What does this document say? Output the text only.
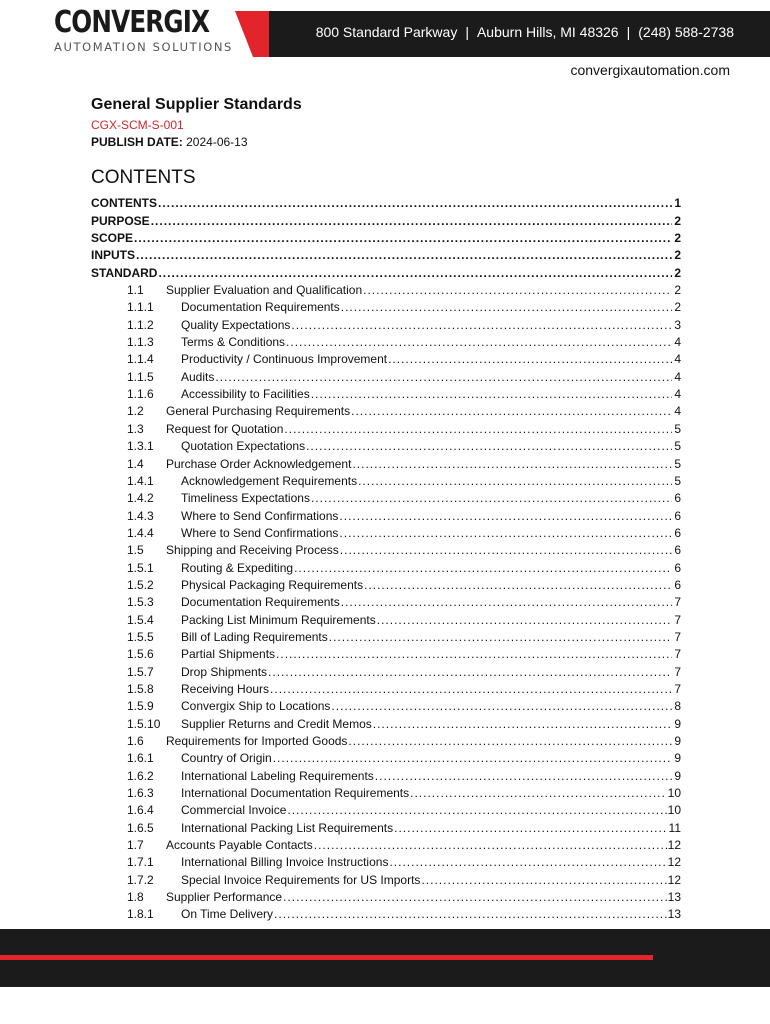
CONVERGIX
AUTOMATION SOLUTIONS
800 Standard Parkway | Auburn Hills, MI 48326 | (248) 588-2738
convergixautomation.com
General Supplier Standards
CGX-SCM-S-001
PUBLISH DATE: 2024-06-13
CONTENTS
CONTENTS .....	1
PURPOSE .....	2
SCOPE .....	2
INPUTS .....	2
STANDARD .....	2
1.1	Supplier Evaluation and Qualification .....	2
1.1.1	Documentation Requirements .....	2
1.1.2	Quality Expectations .....	3
1.1.3	Terms & Conditions .....	4
1.1.4	Productivity / Continuous Improvement .....	4
1.1.5	Audits .....	4
1.1.6	Accessibility to Facilities .....	4
1.2	General Purchasing Requirements .....	4
1.3	Request for Quotation .....	5
1.3.1	Quotation Expectations .....	5
1.4	Purchase Order Acknowledgement .....	5
1.4.1	Acknowledgement Requirements .....	5
1.4.2	Timeliness Expectations .....	6
1.4.3	Where to Send Confirmations .....	6
1.4.4	Where to Send Confirmations .....	6
1.5	Shipping and Receiving Process .....	6
1.5.1	Routing & Expediting .....	6
1.5.2	Physical Packaging Requirements .....	6
1.5.3	Documentation Requirements .....	7
1.5.4	Packing List Minimum Requirements .....	7
1.5.5	Bill of Lading Requirements .....	7
1.5.6	Partial Shipments .....	7
1.5.7	Drop Shipments .....	7
1.5.8	Receiving Hours .....	7
1.5.9	Convergix Ship to Locations .....	8
1.5.10	Supplier Returns and Credit Memos .....	9
1.6	Requirements for Imported Goods .....	9
1.6.1	Country of Origin .....	9
1.6.2	International Labeling Requirements .....	9
1.6.3	International Documentation Requirements .....	10
1.6.4	Commercial Invoice .....	10
1.6.5	International Packing List Requirements .....	11
1.7	Accounts Payable Contacts .....	12
1.7.1	International Billing Invoice Instructions .....	12
1.7.2	Special Invoice Requirements for US Imports .....	12
1.8	Supplier Performance .....	13
1.8.1	On Time Delivery .....	13
